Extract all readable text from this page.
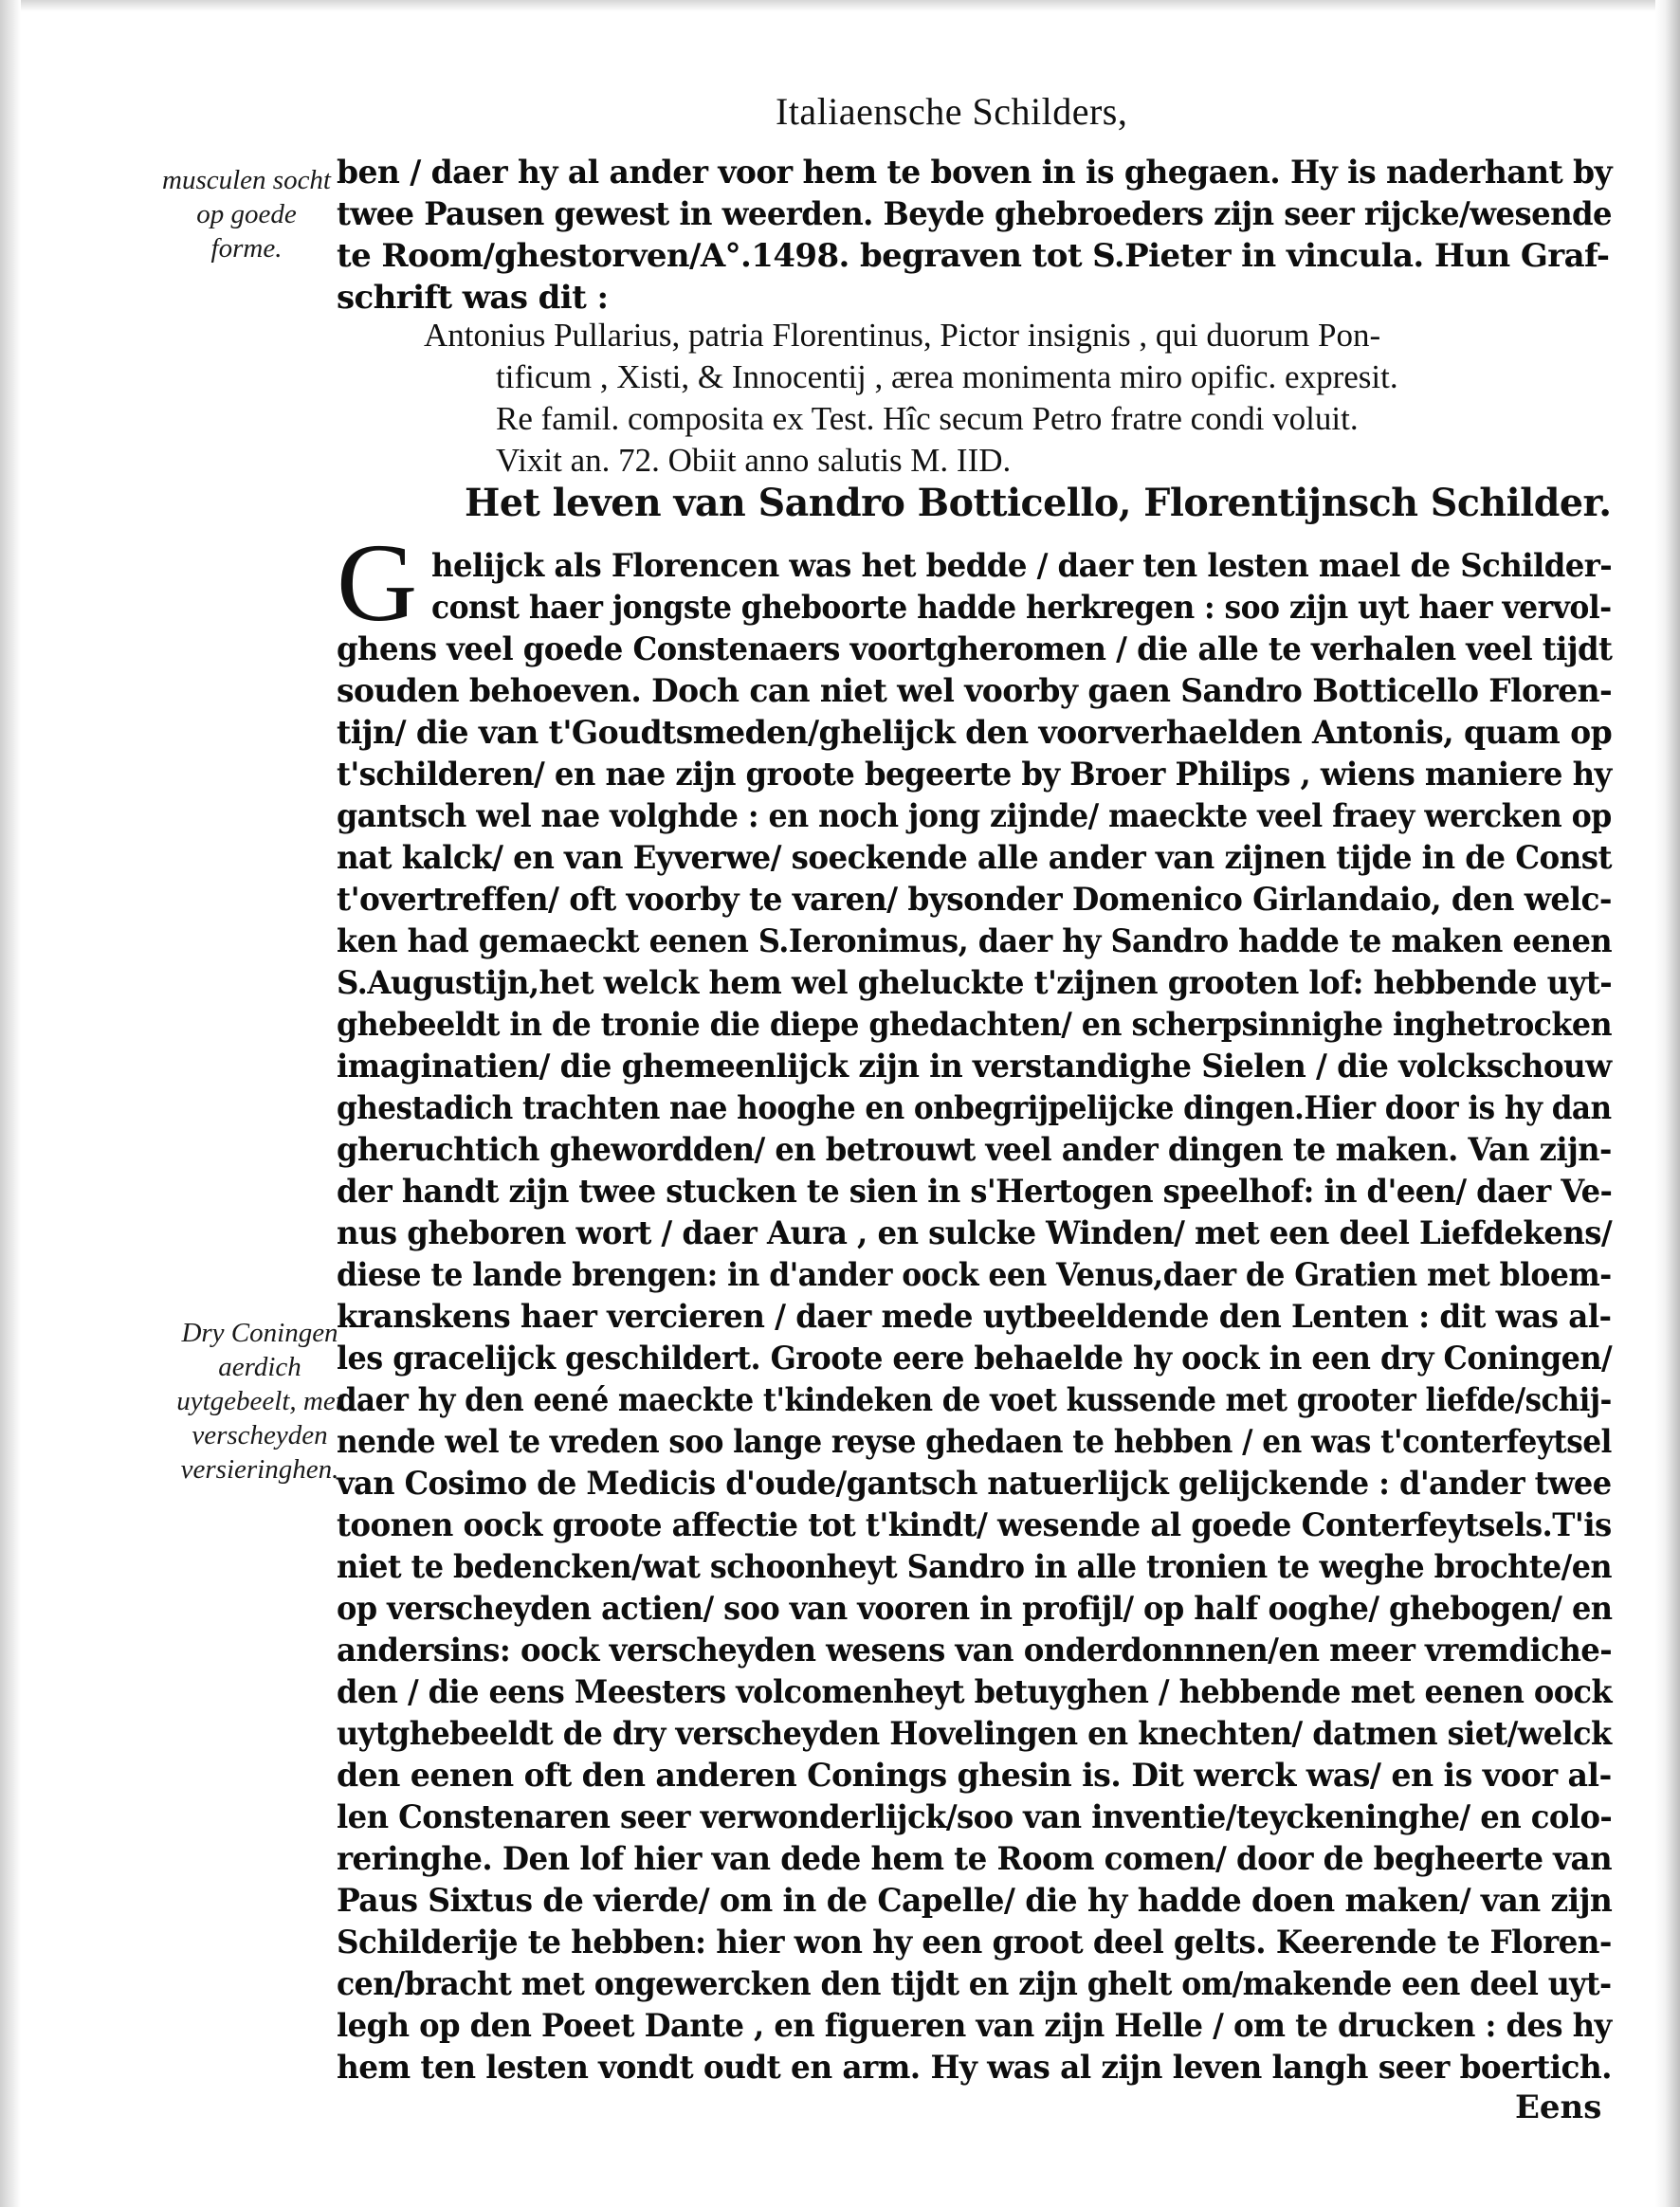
Italiaensche Schilders,
musculen socht op goede forme.
Dry Coningen aerdich uytgebeelt, met verscheyden versieringhen.
ben / daer hy al ander voor hem te boven in is ghegaen. Hy is naderhant by
twee Pausen gewest in weerden. Beyde ghebroeders zijn seer rijcke/wesende
te Room/ghestorven/A°.1498. begraven tot S.Pieter in vincula. Hun Graf-
schrift was dit :
Antonius Pullarius, patria Florentinus, Pictor insignis , qui duorum Pon-
tificum , Xisti, & Innocentij , ærea monimenta miro opific. expresit.
Re famil. composita ex Test. Hîc secum Petro fratre condi voluit.
Vixit an. 72. Obiit anno salutis M. IID.
Het leven van Sandro Botticello, Florentijnsch Schilder.
G helijck als Florencen was het bedde / daer ten lesten mael de Schilder-
const haer jongste gheboorte hadde herkregen : soo zijn uyt haer vervol-
ghens veel goede Constenaers voortgheromen / die alle te verhalen veel tijdt
souden behoeven. Doch can niet wel voorby gaen Sandro Botticello Floren-
tijn/ die van t'Goudtsmeden/ghelijck den voorverhaelden Antonis, quam op
t'schilderen/ en nae zijn groote begeerte by Broer Philips , wiens maniere hy
gantsch wel nae volghde : en noch jong zijnde/ maeckte veel fraey wercken op
nat kalck/ en van Eyverwe/ soeckende alle ander van zijnen tijde in de Const
t'overtreffen/ oft voorby te varen/ bysonder Domenico Girlandaio, den welc-
ken had gemaeckt eenen S.Ieronimus, daer hy Sandro hadde te maken eenen
S.Augustijn,het welck hem wel gheluckte t'zijnen grooten lof: hebbende uyt-
ghebeeldt in de tronie die diepe ghedachten/ en scherpsinnighe inghetrocken
imaginatien/ die ghemeenlijck zijn in verstandighe Sielen / die volckschouw
ghestadich trachten nae hooghe en onbegrijpelijcke dingen.Hier door is hy dan
gheruchtich ghewordden/ en betrouwt veel ander dingen te maken. Van zijn-
der handt zijn twee stucken te sien in s'Hertogen speelhof: in d'een/ daer Ve-
nus gheboren wort / daer Aura , en sulcke Winden/ met een deel Liefdekens/
diese te lande brengen: in d'ander oock een Venus,daer de Gratien met bloem-
kranskens haer vercieren / daer mede uytbeeldende den Lenten : dit was al-
les gracelijck geschildert. Groote eere behaelde hy oock in een dry Coningen/
daer hy den eené maeckte t'kindeken de voet kussende met grooter liefde/schij-
nende wel te vreden soo lange reyse ghedaen te hebben / en was t'conterfeytsel
van Cosimo de Medicis d'oude/gantsch natuerlijck gelijckende : d'ander twee
toonen oock groote affectie tot t'kindt/ wesende al goede Conterfeytsels.T'is
niet te bedencken/wat schoonheyt Sandro in alle tronien te weghe brochte/en
op verscheyden actien/ soo van vooren in profijl/ op half ooghe/ ghebogen/ en
andersins: oock verscheyden wesens van onderdonnnen/en meer vremdiche-
den / die eens Meesters volcomenheyt betuyghen / hebbende met eenen oock
uytghebeeldt de dry verscheyden Hovelingen en knechten/ datmen siet/welck
den eenen oft den anderen Conings ghesin is. Dit werck was/ en is voor al-
len Constenaren seer verwonderlijck/soo van inventie/teyckeninghe/ en colo-
reringhe. Den lof hier van dede hem te Room comen/ door de begheerte van
Paus Sixtus de vierde/ om in de Capelle/ die hy hadde doen maken/ van zijn
Schilderije te hebben: hier won hy een groot deel gelts. Keerende te Floren-
cen/bracht met ongewercken den tijdt en zijn ghelt om/makende een deel uyt-
legh op den Poeet Dante , en figueren van zijn Helle / om te drucken : des hy
hem ten lesten vondt oudt en arm. Hy was al zijn leven langh seer boertich.
Eens
